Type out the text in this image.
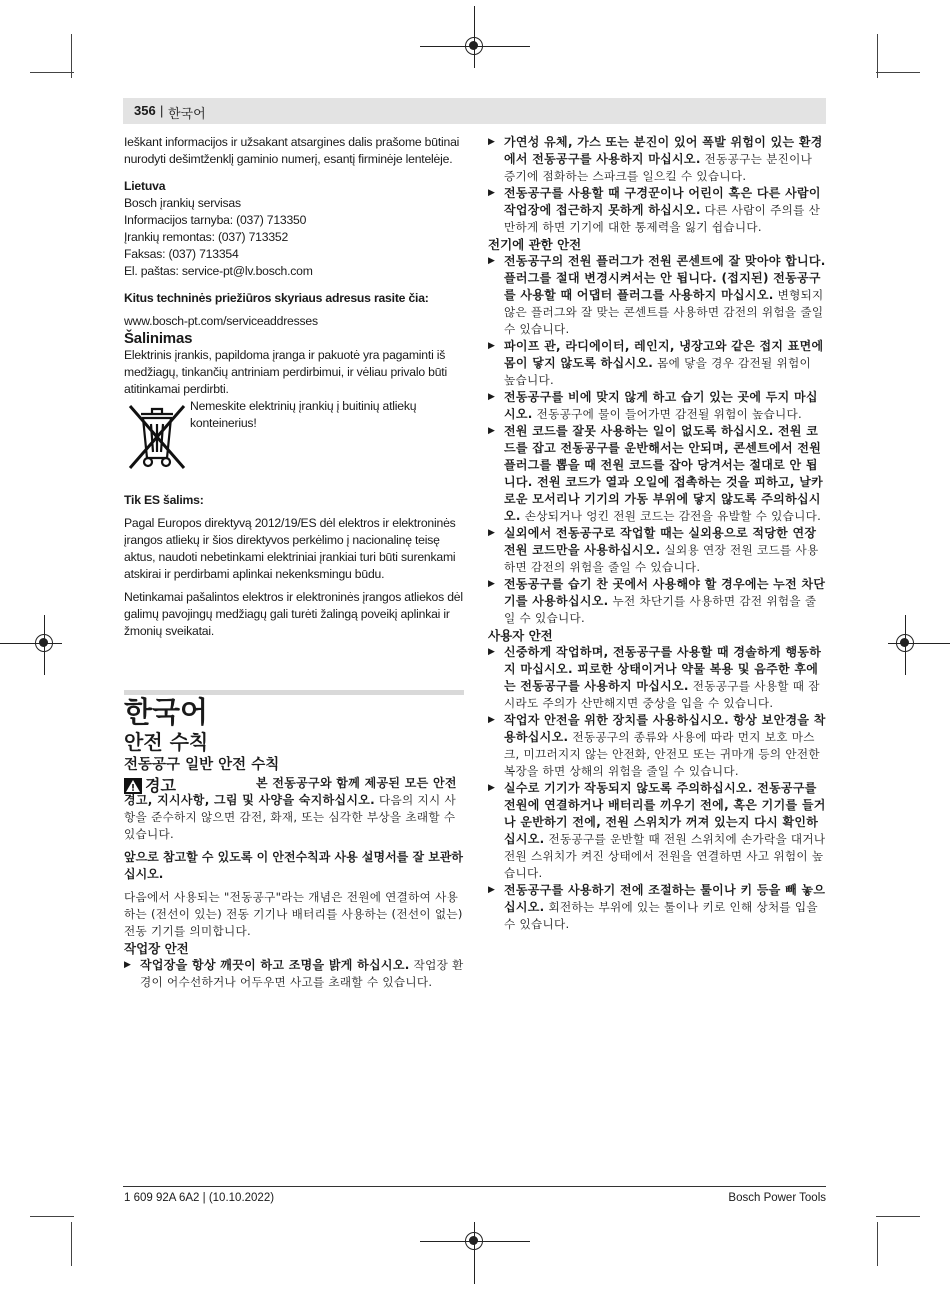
356 | 한국어

Ieškant informacijos ir užsakant atsargines dalis prašome būtinai nurodyti dešimtženklį gaminio numerį, esantį firminėje lentelėje.

Lietuva

Bosch įrankių servisas

Informacijos tarnyba: (037) 713350

Įrankių remontas: (037) 713352

Faksas: (037) 713354

El. paštas: service-pt@lv.bosch.com

Kitus techninės priežiūros skyriaus adresus rasite čia:

www.bosch-pt.com/serviceaddresses

Šalinimas

Elektrinis įrankis, papildoma įranga ir pakuotė yra pagaminti iš medžiagų, tinkančių antriniam perdirbimui, ir vėliau privalo būti atitinkamai perdirbti.

Nemeskite elektrinių įrankių į buitinių atliekų konteinerius!

Tik ES šalims:

Pagal Europos direktyvą 2012/19/ES dėl elektros ir elektroninės įrangos atliekų ir šios direktyvos perkėlimo į nacionalinę teisę aktus, naudoti nebetinkami elektriniai įrankiai turi būti surenkami atskirai ir perdirbami aplinkai nekenksmingu būdu.

Netinkamai pašalintos elektros ir elektroninės įrangos atliekos dėl galimų pavojingų medžiagų gali turėti žalingą poveikį aplinkai ir žmonių sveikatai.

한국어

안전 수칙

전동공구 일반 안전 수칙

경고	본 전동공구와 함께 제공된 모든 안전경고, 지시사항, 그림 및 사양을 숙지하십시오. 다음의 지시 사항을 준수하지 않으면 감전, 화재, 또는 심각한 부상을 초래할 수 있습니다.

앞으로 참고할 수 있도록 이 안전수칙과 사용 설명서를 잘 보관하십시오.

다음에서 사용되는 "전동공구"라는 개념은 전원에 연결하여 사용하는 (전선이 있는) 전동 기기나 배터리를 사용하는 (전선이 없는) 전동 기기를 의미합니다.

작업장 안전

▶ 작업장을 항상 깨끗이 하고 조명을 밝게 하십시오. 작업장 환경이 어수선하거나 어두우면 사고를 초래할 수 있습니다.

▶ 가연성 유체, 가스 또는 분진이 있어 폭발 위험이 있는 환경에서 전동공구를 사용하지 마십시오. 전동공구는 분진이나 증기에 점화하는 스파크를 일으킬 수 있습니다.

▶ 전동공구를 사용할 때 구경꾼이나 어린이 혹은 다른 사람이 작업장에 접근하지 못하게 하십시오. 다른 사람이 주의를 산만하게 하면 기기에 대한 통제력을 잃기 쉽습니다.

전기에 관한 안전

▶ 전동공구의 전원 플러그가 전원 콘센트에 잘 맞아야 합니다. 플러그를 절대 변경시켜서는 안 됩니다. (접지된) 전동공구를 사용할 때 어댑터 플러그를 사용하지 마십시오. 변형되지 않은 플러그와 잘 맞는 콘센트를 사용하면 감전의 위험을 줄일 수 있습니다.

▶ 파이프 관, 라디에이터, 레인지, 냉장고와 같은 접지 표면에 몸이 닿지 않도록 하십시오. 몸에 닿을 경우 감전될 위험이 높습니다.

▶ 전동공구를 비에 맞지 않게 하고 습기 있는 곳에 두지 마십시오. 전동공구에 물이 들어가면 감전될 위험이 높습니다.

▶ 전원 코드를 잘못 사용하는 일이 없도록 하십시오. 전원 코드를 잡고 전동공구를 운반해서는 안되며, 콘센트에서 전원 플러그를 뽑을 때 전원 코드를 잡아 당겨서는 절대로 안 됩니다. 전원 코드가 열과 오일에 접촉하는 것을 피하고, 날카로운 모서리나 기기의 가동 부위에 닿지 않도록 주의하십시오. 손상되거나 엉킨 전원 코드는 감전을 유발할 수 있습니다.

▶ 실외에서 전동공구로 작업할 때는 실외용으로 적당한 연장 전원 코드만을 사용하십시오. 실외용 연장 전원 코드를 사용하면 감전의 위험을 줄일 수 있습니다.

▶ 전동공구를 습기 찬 곳에서 사용해야 할 경우에는 누전 차단기를 사용하십시오. 누전 차단기를 사용하면 감전 위험을 줄일 수 있습니다.

사용자 안전

▶ 신중하게 작업하며, 전동공구를 사용할 때 경솔하게 행동하지 마십시오. 피로한 상태이거나 약물 복용 및 음주한 후에는 전동공구를 사용하지 마십시오. 전동공구를 사용할 때 잠시라도 주의가 산만해지면 중상을 입을 수 있습니다.

▶ 작업자 안전을 위한 장치를 사용하십시오. 항상 보안경을 착용하십시오. 전동공구의 종류와 사용에 따라 먼지 보호 마스크, 미끄러지지 않는 안전화, 안전모 또는 귀마개 등의 안전한 복장을 하면 상해의 위험을 줄일 수 있습니다.

▶ 실수로 기기가 작동되지 않도록 주의하십시오. 전동공구를 전원에 연결하거나 배터리를 끼우기 전에, 혹은 기기를 들거나 운반하기 전에, 전원 스위치가 꺼져 있는지 다시 확인하십시오. 전동공구를 운반할 때 전원 스위치에 손가락을 대거나 전원 스위치가 켜진 상태에서 전원을 연결하면 사고 위험이 높습니다.

▶ 전동공구를 사용하기 전에 조절하는 툴이나 키 등을 빼 놓으십시오. 회전하는 부위에 있는 툴이나 키로 인해 상처를 입을 수 있습니다.

1 609 92A 6A2 | (10.10.2022)	Bosch Power Tools
